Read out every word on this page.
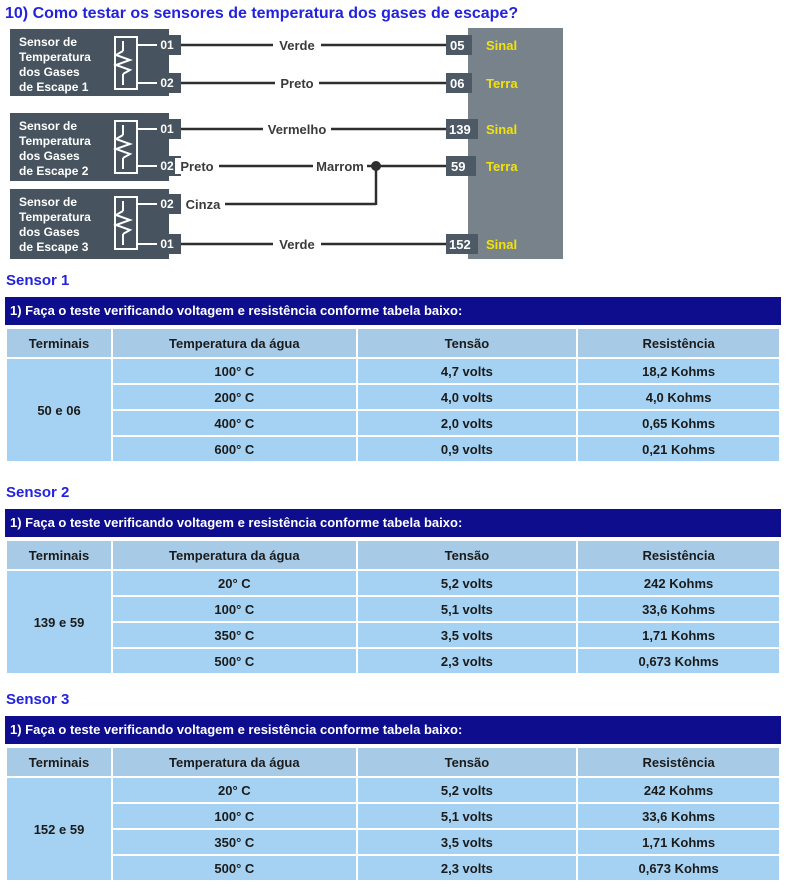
10) Como testar os sensores de temperatura dos gases de escape?
Sensor de
Temperatura
dos Gases
de Escape 1
01
02
Sensor de
Temperatura
dos Gases
de Escape 2
01
02
Sensor de
Temperatura
dos Gases
de Escape 3
02
01
Verde
Preto
Vermelho
Preto	Marrom
Cinza
Verde
05
06
139
59
152
Sinal
Terra
Sinal
Terra
Sinal
Sensor 1
1) Faça o teste verificando voltagem e resistência conforme tabela baixo:
Terminais	Temperatura da água	Tensão	Resistência
50 e 06	100° C	4,7 volts	18,2 Kohms
	200° C	4,0 volts	4,0 Kohms
	400° C	2,0 volts	0,65 Kohms
	600° C	0,9 volts	0,21 Kohms
Sensor 2
1) Faça o teste verificando voltagem e resistência conforme tabela baixo:
Terminais	Temperatura da água	Tensão	Resistência
139 e 59	20° C	5,2 volts	242 Kohms
	100° C	5,1 volts	33,6 Kohms
	350° C	3,5 volts	1,71 Kohms
	500° C	2,3 volts	0,673 Kohms
Sensor 3
1) Faça o teste verificando voltagem e resistência conforme tabela baixo:
Terminais	Temperatura da água	Tensão	Resistência
152 e 59	20° C	5,2 volts	242 Kohms
	100° C	5,1 volts	33,6 Kohms
	350° C	3,5 volts	1,71 Kohms
	500° C	2,3 volts	0,673 Kohms
